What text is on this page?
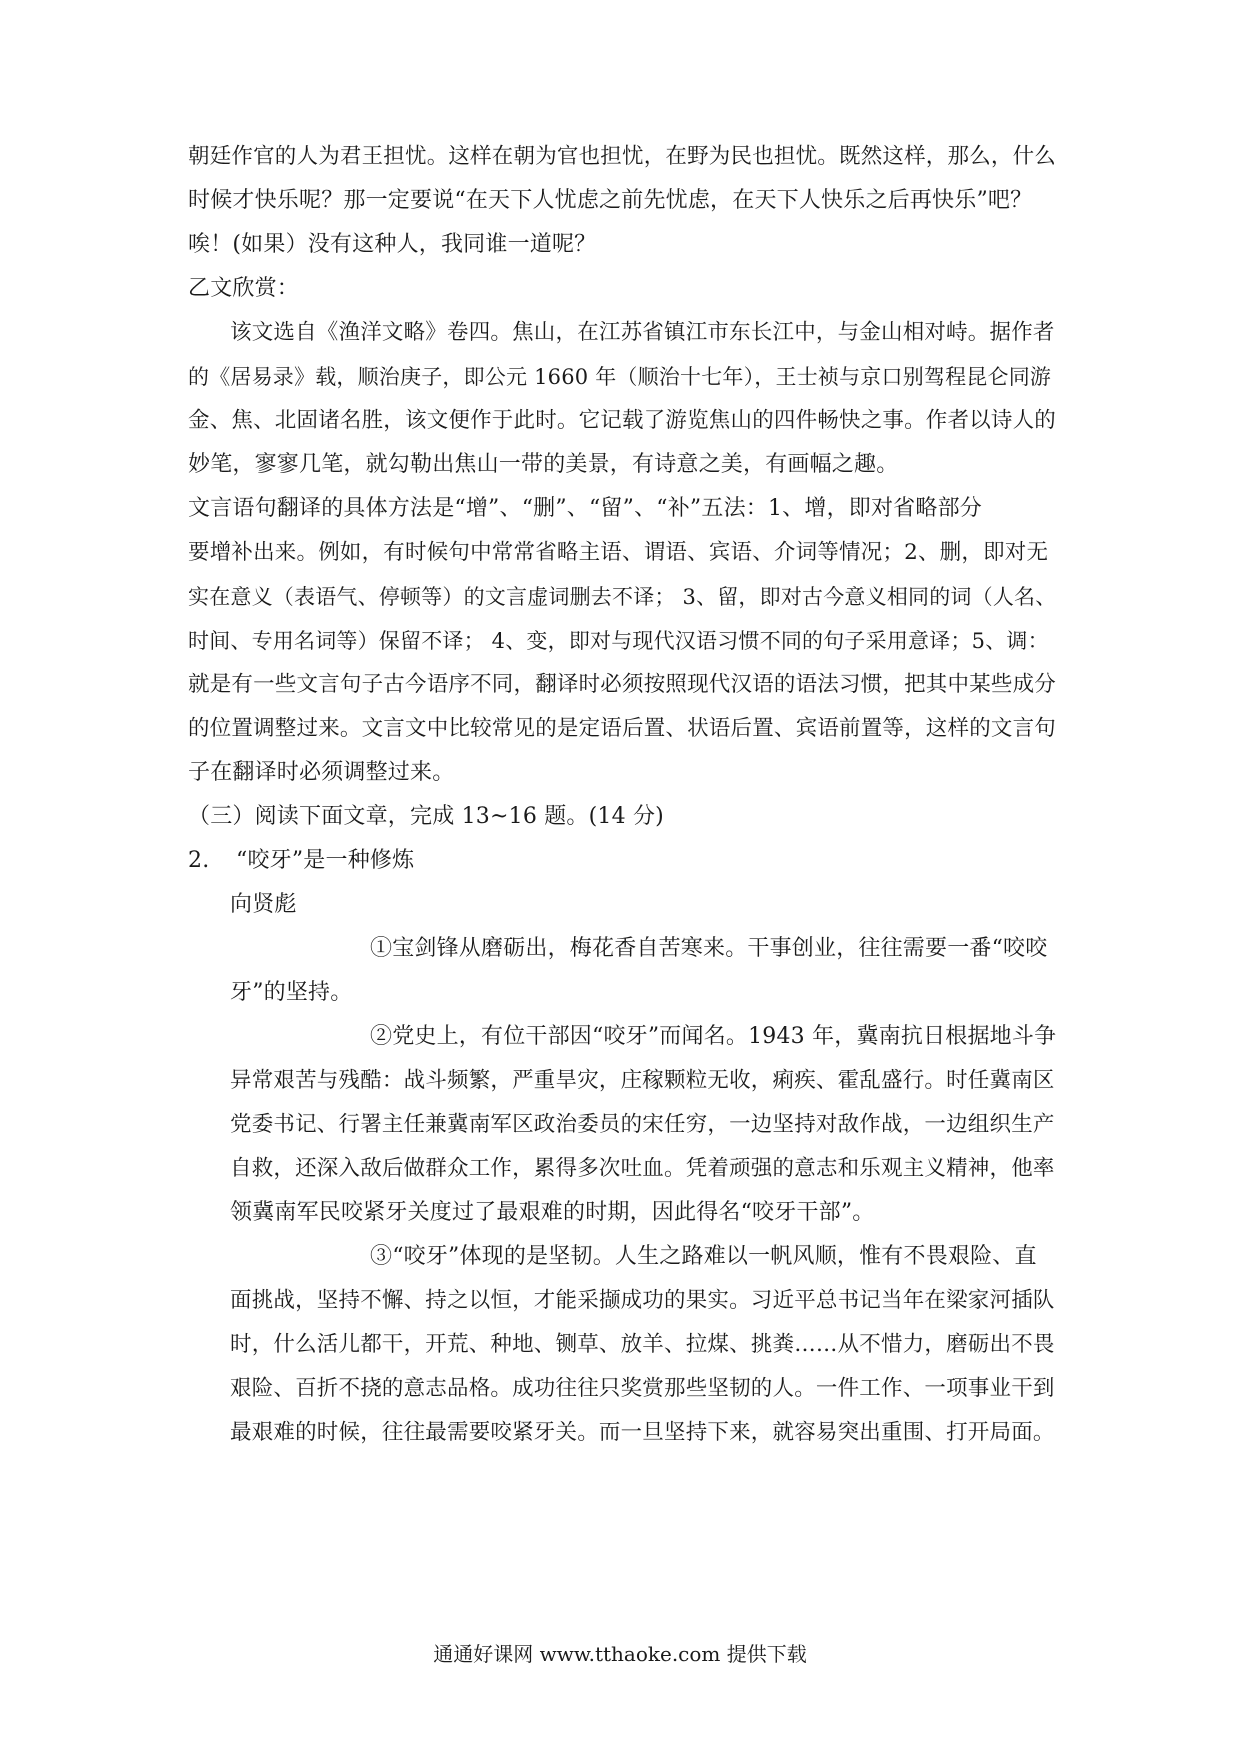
朝廷作官的人为君王担忧。这样在朝为官也担忧，在野为民也担忧。既然这样，那么，什么
时候才快乐呢？那一定要说“在天下人忧虑之前先忧虑，在天下人快乐之后再快乐”吧？
唉！(如果）没有这种人，我同谁一道呢？
乙文欣赏：
该文选自《渔洋文略》卷四。焦山，在江苏省镇江市东长江中，与金山相对峙。据作者
的《居易录》载，顺治庚子，即公元 1660 年（顺治十七年），王士祯与京口别驾程昆仑同游
金、焦、北固诸名胜，该文便作于此时。它记载了游览焦山的四件畅快之事。作者以诗人的
妙笔，寥寥几笔，就勾勒出焦山一带的美景，有诗意之美，有画幅之趣。
文言语句翻译的具体方法是“增”、“删”、“留”、“补”五法：1、增，即对省略部分
要增补出来。例如，有时候句中常常省略主语、谓语、宾语、介词等情况；2、删，即对无
实在意义（表语气、停顿等）的文言虚词删去不译； 3、留，即对古今意义相同的词（人名、
时间、专用名词等）保留不译； 4、变，即对与现代汉语习惯不同的句子采用意译；5、调：
就是有一些文言句子古今语序不同，翻译时必须按照现代汉语的语法习惯，把其中某些成分
的位置调整过来。文言文中比较常见的是定语后置、状语后置、宾语前置等，这样的文言句
子在翻译时必须调整过来。
（三）阅读下面文章，完成 13~16 题。(14 分)
2.	“咬牙”是一种修炼
向贤彪
①宝剑锋从磨砺出，梅花香自苦寒来。干事创业，往往需要一番“咬咬
牙”的坚持。
②党史上，有位干部因“咬牙”而闻名。1943 年，冀南抗日根据地斗争
异常艰苦与残酷：战斗频繁，严重旱灾，庄稼颗粒无收，痢疾、霍乱盛行。时任冀南区
党委书记、行署主任兼冀南军区政治委员的宋任穷，一边坚持对敌作战，一边组织生产
自救，还深入敌后做群众工作，累得多次吐血。凭着顽强的意志和乐观主义精神，他率
领冀南军民咬紧牙关度过了最艰难的时期，因此得名“咬牙干部”。
③“咬牙”体现的是坚韧。人生之路难以一帆风顺，惟有不畏艰险、直
面挑战，坚持不懈、持之以恒，才能采撷成功的果实。习近平总书记当年在梁家河插队
时，什么活儿都干，开荒、种地、铡草、放羊、拉煤、挑粪……从不惜力，磨砺出不畏
艰险、百折不挠的意志品格。成功往往只奖赏那些坚韧的人。一件工作、一项事业干到
最艰难的时候，往往最需要咬紧牙关。而一旦坚持下来，就容易突出重围、打开局面。
通通好课网 www.tthaoke.com 提供下载
